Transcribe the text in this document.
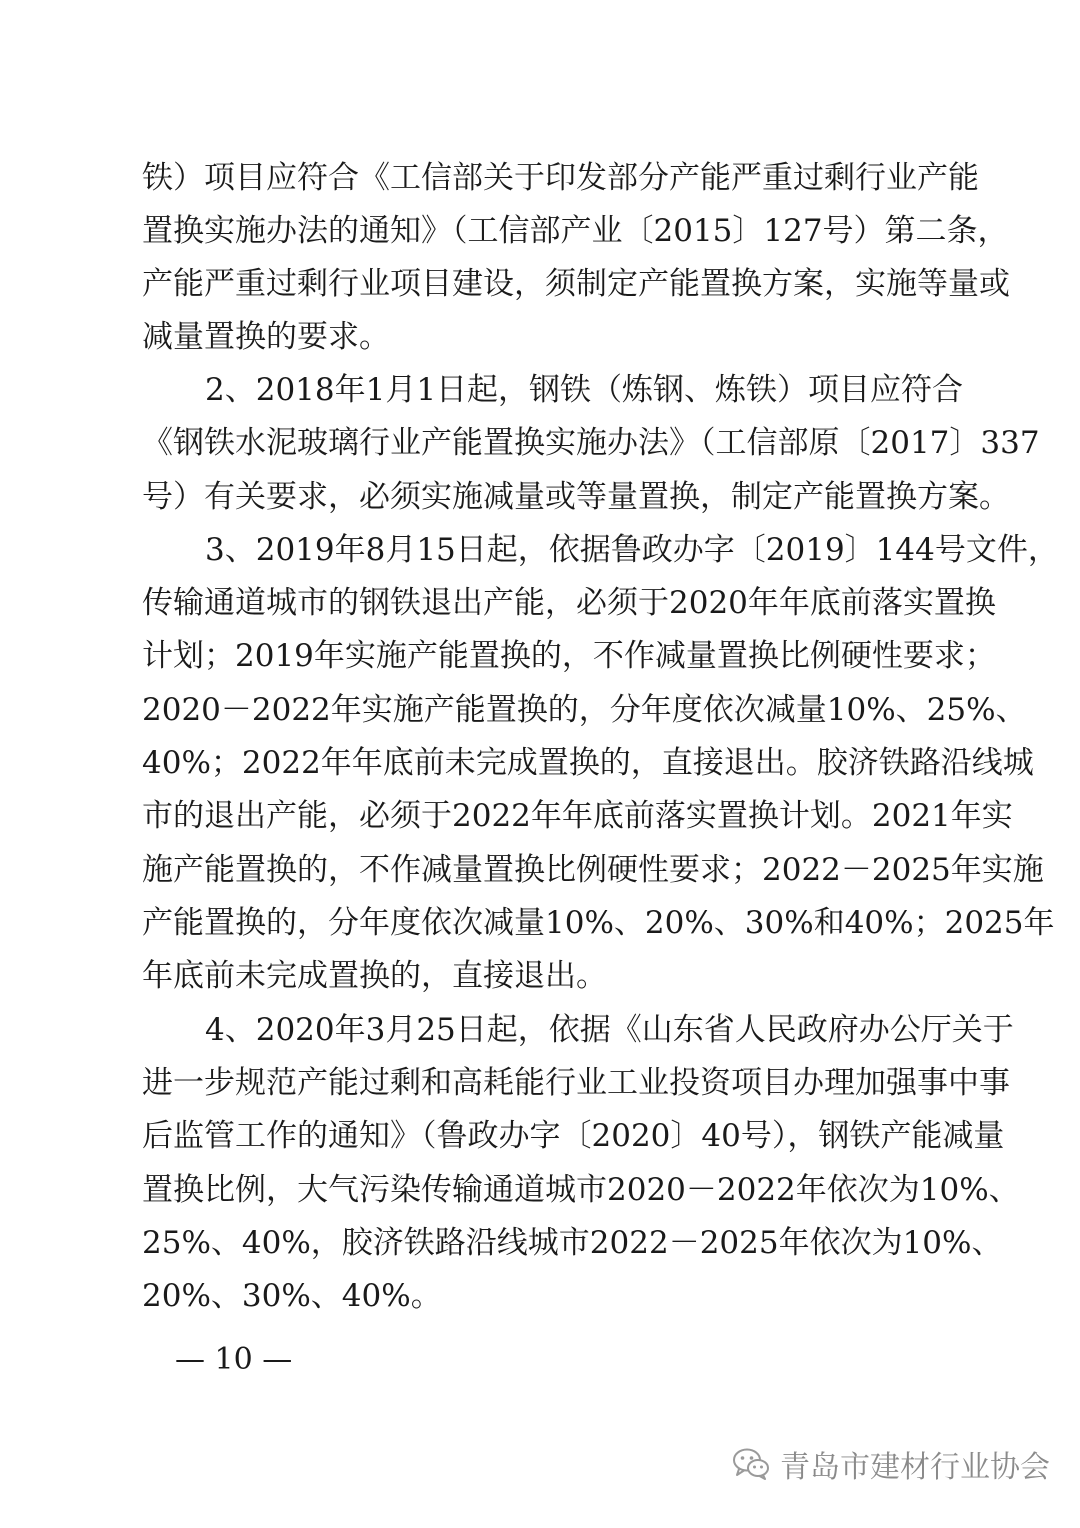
铁）项目应符合《工信部关于印发部分产能严重过剩行业产能
置换实施办法的通知》（工信部产业〔2015〕127号）第二条，
产能严重过剩行业项目建设，须制定产能置换方案，实施等量或
减量置换的要求。
2、2018年1月1日起，钢铁（炼钢、炼铁）项目应符合
《钢铁水泥玻璃行业产能置换实施办法》（工信部原〔2017〕337
号）有关要求，必须实施减量或等量置换，制定产能置换方案。
3、2019年8月15日起，依据鲁政办字〔2019〕144号文件，
传输通道城市的钢铁退出产能，必须于2020年年底前落实置换
计划；2019年实施产能置换的，不作减量置换比例硬性要求；
2020－2022年实施产能置换的，分年度依次减量10%、25%、
40%；2022年年底前未完成置换的，直接退出。胶济铁路沿线城
市的退出产能，必须于2022年年底前落实置换计划。2021年实
施产能置换的，不作减量置换比例硬性要求；2022－2025年实施
产能置换的，分年度依次减量10%、20%、30%和40%；2025年
年底前未完成置换的，直接退出。
4、2020年3月25日起，依据《山东省人民政府办公厅关于
进一步规范产能过剩和高耗能行业工业投资项目办理加强事中事
后监管工作的通知》（鲁政办字〔2020〕40号），钢铁产能减量
置换比例，大气污染传输通道城市2020－2022年依次为10%、
25%、40%，胶济铁路沿线城市2022－2025年依次为10%、
20%、30%、40%。
— 10 —
青岛市建材行业协会
